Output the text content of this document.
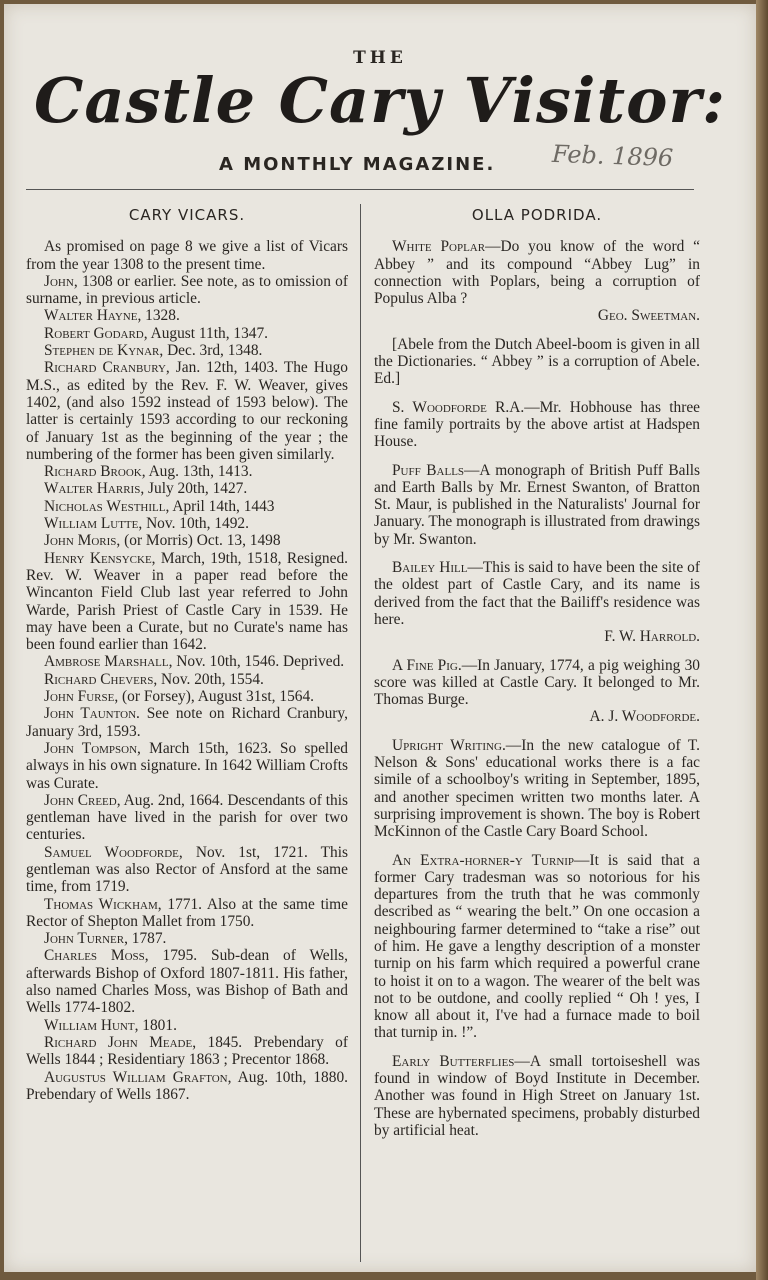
THE
Castle Cary Visitor:
A MONTHLY MAGAZINE. Feb. 1896
CARY VICARS.

As promised on page 8 we give a list of Vicars from the year 1308 to the present time.

John, 1308 or earlier. See note, as to omission of surname, in previous article.

Walter Hayne, 1328.

Robert Godard, August 11th, 1347.

Stephen de Kynar, Dec. 3rd, 1348.

Richard Cranbury, Jan. 12th, 1403. The Hugo M.S., as edited by the Rev. F. W. Weaver, gives 1402, (and also 1592 instead of 1593 below). The latter is certainly 1593 according to our reckoning of January 1st as the beginning of the year ; the numbering of the former has been given similarly.

Richard Brook, Aug. 13th, 1413.

Walter Harris, July 20th, 1427.

Nicholas Westhill, April 14th, 1443

William Lutte, Nov. 10th, 1492.

John Moris, (or Morris) Oct. 13, 1498

Henry Kensycke, March, 19th, 1518, Resigned. Rev. W. Weaver in a paper read before the Wincanton Field Club last year referred to John Warde, Parish Priest of Castle Cary in 1539. He may have been a Curate, but no Curate's name has been found earlier than 1642.

Ambrose Marshall, Nov. 10th, 1546. Deprived.

Richard Chevers, Nov. 20th, 1554.

John Furse, (or Forsey), August 31st, 1564.

John Taunton. See note on Richard Cranbury, January 3rd, 1593.

John Tompson, March 15th, 1623. So spelled always in his own signature. In 1642 William Crofts was Curate.

John Creed, Aug. 2nd, 1664. Descendants of this gentleman have lived in the parish for over two centuries.

Samuel Woodforde, Nov. 1st, 1721. This gentleman was also Rector of Ansford at the same time, from 1719.

Thomas Wickham, 1771. Also at the same time Rector of Shepton Mallet from 1750.

John Turner, 1787.

Charles Moss, 1795. Sub-dean of Wells, afterwards Bishop of Oxford 1807-1811. His father, also named Charles Moss, was Bishop of Bath and Wells 1774-1802.

William Hunt, 1801.

Richard John Meade, 1845. Prebendary of Wells 1844 ; Residentiary 1863 ; Precentor 1868.

Augustus William Grafton, Aug. 10th, 1880. Prebendary of Wells 1867.

OLLA PODRIDA.

White Poplar—Do you know of the word “ Abbey ” and its compound “Abbey Lug” in connection with Poplars, being a corruption of Populus Alba ?

Geo. Sweetman.

[Abele from the Dutch Abeel-boom is given in all the Dictionaries. “ Abbey ” is a corruption of Abele. Ed.]

S. Woodforde R.A.—Mr. Hobhouse has three fine family portraits by the above artist at Hadspen House.

Puff Balls—A monograph of British Puff Balls and Earth Balls by Mr. Ernest Swanton, of Bratton St. Maur, is published in the Naturalists' Journal for January. The monograph is illustrated from drawings by Mr. Swanton.

Bailey Hill—This is said to have been the site of the oldest part of Castle Cary, and its name is derived from the fact that the Bailiff's residence was here.

F. W. Harrold.

A Fine Pig.—In January, 1774, a pig weighing 30 score was killed at Castle Cary. It belonged to Mr. Thomas Burge.

A. J. Woodforde.

Upright Writing.—In the new catalogue of T. Nelson & Sons' educational works there is a fac simile of a schoolboy's writing in September, 1895, and another specimen written two months later. A surprising improvement is shown. The boy is Robert McKinnon of the Castle Cary Board School.

An Extra-horner-y Turnip—It is said that a former Cary tradesman was so notorious for his departures from the truth that he was commonly described as “ wearing the belt.” On one occasion a neighbouring farmer determined to “take a rise” out of him. He gave a lengthy description of a monster turnip on his farm which required a powerful crane to hoist it on to a wagon. The wearer of the belt was not to be outdone, and coolly replied “ Oh ! yes, I know all about it, I've had a furnace made to boil that turnip in. !”.

Early Butterflies—A small tortoiseshell was found in window of Boyd Institute in December. Another was found in High Street on January 1st. These are hybernated specimens, probably disturbed by artificial heat.
